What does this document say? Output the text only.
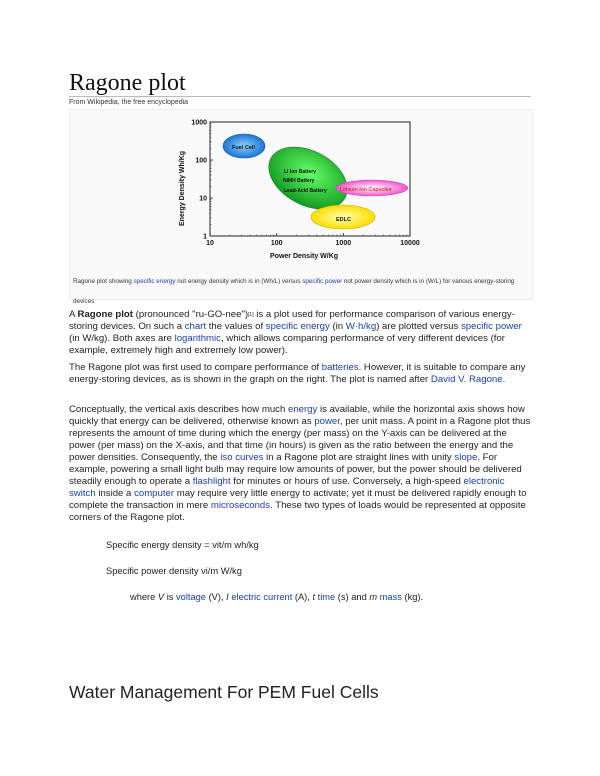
Ragone plot
From Wikipedia, the free encyclopedia
10	100	1000	10000
1
10
100
1000
Fuel Cell
Li Ion Battery
NiMH Battery
Lead-Acid Battery Lithium Ion Capacitor
EDLC
Power Density W/Kg
Energy Density Wh/Kg
Ragone plot showing specific energy not energy density which is in (Wh/L) versus specific power not power density which is in (W/L) for various energy-storing devices

A Ragone plot (pronounced "ru-GO-nee")[1] is a plot used for performance comparison of various energy-storing devices. On such a chart the values of specific energy (in W·h/kg) are plotted versus specific power (in W/kg). Both axes are logarithmic, which allows comparing performance of very different devices (for example, extremely high and extremely low power).

The Ragone plot was first used to compare performance of batteries. However, it is suitable to compare any energy-storing devices, as is shown in the graph on the right. The plot is named after David V. Ragone.

Conceptually, the vertical axis describes how much energy is available, while the horizontal axis shows how quickly that energy can be delivered, otherwise known as power, per unit mass. A point in a Ragone plot thus represents the amount of time during which the energy (per mass) on the Y-axis can be delivered at the power (per mass) on the X-axis, and that time (in hours) is given as the ratio between the energy and the power densities. Consequently, the iso curves in a Ragone plot are straight lines with unity slope. For example, powering a small light bulb may require low amounts of power, but the power should be delivered steadily enough to operate a flashlight for minutes or hours of use. Conversely, a high-speed electronic switch inside a computer may require very little energy to activate; yet it must be delivered rapidly enough to complete the transaction in mere microseconds. These two types of loads would be represented at opposite corners of the Ragone plot.

Specific energy density = vit/m wh/kg
Specific power density vi/m W/kg
where V is voltage (V), I electric current (A), t time (s) and m mass (kg).
Water Management For PEM Fuel Cells
